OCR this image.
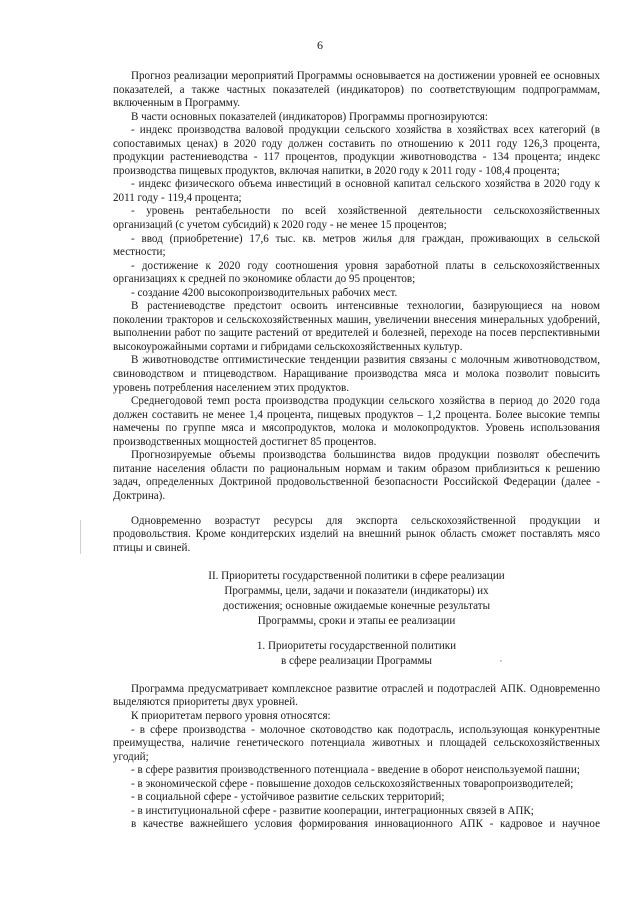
6

Прогноз реализации мероприятий Программы основывается на достижении уровней ее основных показателей, а также частных показателей (индикаторов) по соответствующим подпрограммам, включенным в Программу.

В части основных показателей (индикаторов) Программы прогнозируются:

- индекс производства валовой продукции сельского хозяйства в хозяйствах всех категорий (в сопоставимых ценах) в 2020 году должен составить по отношению к 2011 году 126,3 процента, продукции растениеводства - 117 процентов, продукции животноводства - 134 процента; индекс производства пищевых продуктов, включая напитки, в 2020 году к 2011 году - 108,4 процента;

- индекс физического объема инвестиций в основной капитал сельского хозяйства в 2020 году к 2011 году - 119,4 процента;

- уровень рентабельности по всей хозяйственной деятельности сельскохозяйственных организаций (с учетом субсидий) к 2020 году - не менее 15 процентов;

- ввод (приобретение) 17,6 тыс. кв. метров жилья для граждан, проживающих в сельской местности;

- достижение к 2020 году соотношения уровня заработной платы в сельскохозяйственных организациях к средней по экономике области до 95 процентов;

- создание 4200 высокопроизводительных рабочих мест.

В растениеводстве предстоит освоить интенсивные технологии, базирующиеся на новом поколении тракторов и сельскохозяйственных машин, увеличении внесения минеральных удобрений, выполнении работ по защите растений от вредителей и болезней, переходе на посев перспективными высокоурожайными сортами и гибридами сельскохозяйственных культур.

В животноводстве оптимистические тенденции развития связаны с молочным животноводством, свиноводством и птицеводством. Наращивание производства мяса и молока позволит повысить уровень потребления населением этих продуктов.

Среднегодовой темп роста производства продукции сельского хозяйства в период до 2020 года должен составить не менее 1,4 процента, пищевых продуктов – 1,2 процента. Более высокие темпы намечены по группе мяса и мясопродуктов, молока и молокопродуктов. Уровень использования производственных мощностей достигнет 85 процентов.

Прогнозируемые объемы производства большинства видов продукции позволят обеспечить питание населения области по рациональным нормам и таким образом приблизиться к решению задач, определенных Доктриной продовольственной безопасности Российской Федерации (далее - Доктрина).

Одновременно возрастут ресурсы для экспорта сельскохозяйственной продукции и продовольствия. Кроме кондитерских изделий на внешний рынок область сможет поставлять мясо птицы и свиней.

II. Приоритеты государственной политики в сфере реализации
Программы, цели, задачи и показатели (индикаторы) их
достижения; основные ожидаемые конечные результаты
Программы, сроки и этапы ее реализации
1. Приоритеты государственной политики
в сфере реализации Программы

Программа предусматривает комплексное развитие отраслей и подотраслей АПК. Одновременно выделяются приоритеты двух уровней.

К приоритетам первого уровня относятся:

- в сфере производства - молочное скотоводство как подотрасль, использующая конкурентные преимущества, наличие генетического потенциала животных и площадей сельскохозяйственных угодий;

- в сфере развития производственного потенциала - введение в оборот неиспользуемой пашни;

- в экономической сфере - повышение доходов сельскохозяйственных товаропроизводителей;

- в социальной сфере - устойчивое развитие сельских территорий;

- в институциональной сфере - развитие кооперации, интеграционных связей в АПК;

в качестве важнейшего условия формирования инновационного АПК - кадровое и научное
